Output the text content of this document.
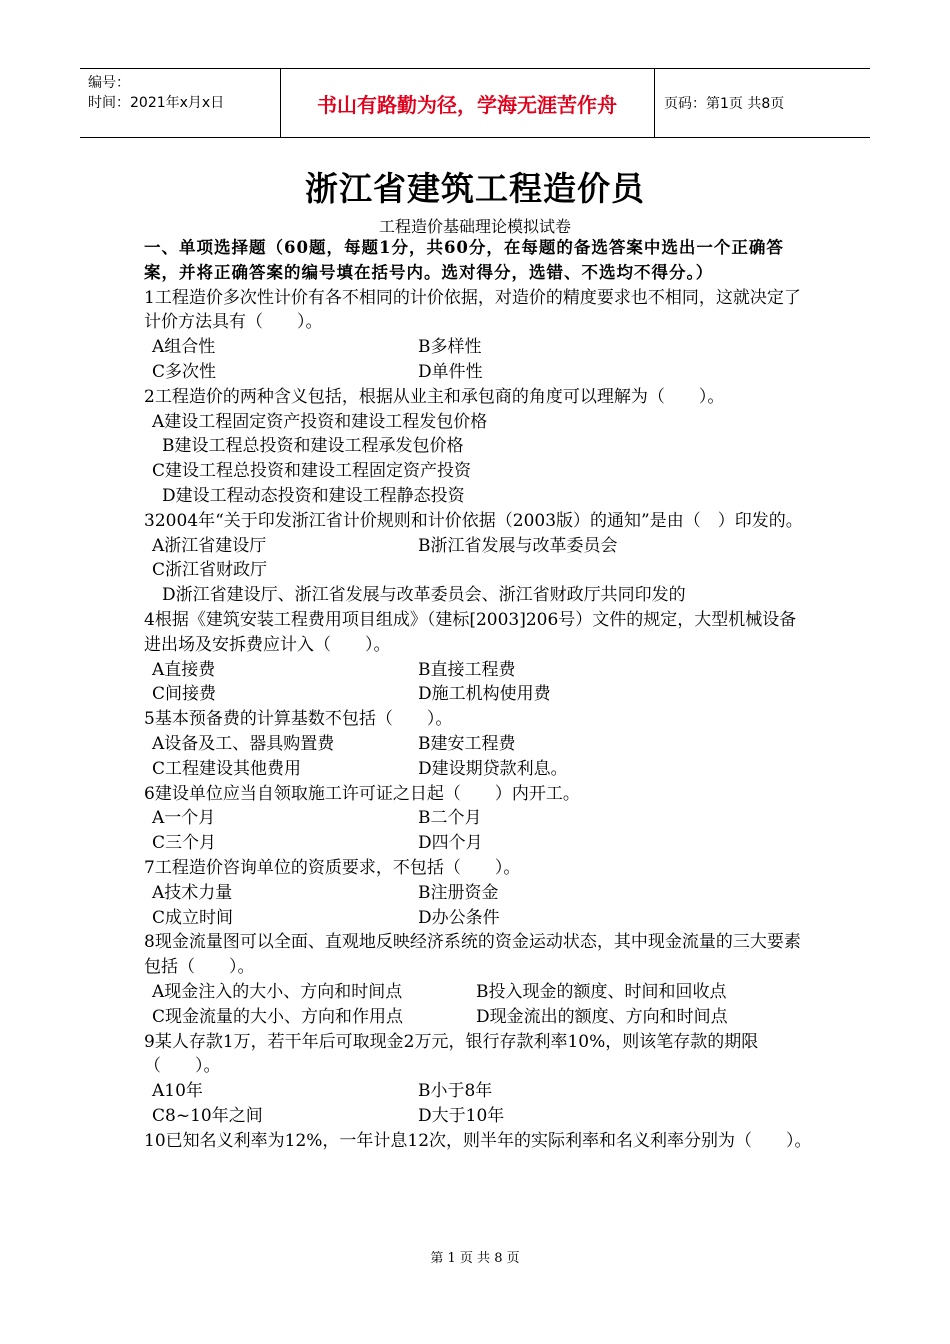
编号：
时间：2021年x月x日	书山有路勤为径，学海无涯苦作舟	页码：第1页 共8页
浙江省建筑工程造价员
工程造价基础理论模拟试卷
一、单项选择题（60题，每题1分，共60分，在每题的备选答案中选出一个正确答案，并将正确答案的编号填在括号内。选对得分，选错、不选均不得分。）
1工程造价多次性计价有各不相同的计价依据，对造价的精度要求也不相同，这就决定了计价方法具有（　　）。
A组合性	B多样性
C多次性	D单件性
2工程造价的两种含义包括，根据从业主和承包商的角度可以理解为（　　）。
A建设工程固定资产投资和建设工程发包价格
B建设工程总投资和建设工程承发包价格
C建设工程总投资和建设工程固定资产投资
D建设工程动态投资和建设工程静态投资
32004年“关于印发浙江省计价规则和计价依据（2003版）的通知”是由（　）印发的。
A浙江省建设厅	B浙江省发展与改革委员会
C浙江省财政厅
D浙江省建设厅、浙江省发展与改革委员会、浙江省财政厅共同印发的
4根据《建筑安装工程费用项目组成》（建标[2003]206号）文件的规定，大型机械设备进出场及安拆费应计入（　　）。
A直接费	B直接工程费
C间接费	D施工机构使用费
5基本预备费的计算基数不包括（　　）。
A设备及工、器具购置费	B建安工程费
C工程建设其他费用	D建设期贷款利息。
6建设单位应当自领取施工许可证之日起（　　）内开工。
A一个月	B二个月
C三个月	D四个月
7工程造价咨询单位的资质要求，不包括（　　）。
A技术力量	B注册资金
C成立时间	D办公条件
8现金流量图可以全面、直观地反映经济系统的资金运动状态，其中现金流量的三大要素包括（　　）。
A现金注入的大小、方向和时间点	B投入现金的额度、时间和回收点
C现金流量的大小、方向和作用点	D现金流出的额度、方向和时间点
9某人存款1万，若干年后可取现金2万元，银行存款利率10%，则该笔存款的期限（　　）。
A10年	B小于8年
C8~10年之间	D大于10年
10已知名义利率为12%，一年计息12次，则半年的实际利率和名义利率分别为（　　）。
第 1 页 共 8 页
